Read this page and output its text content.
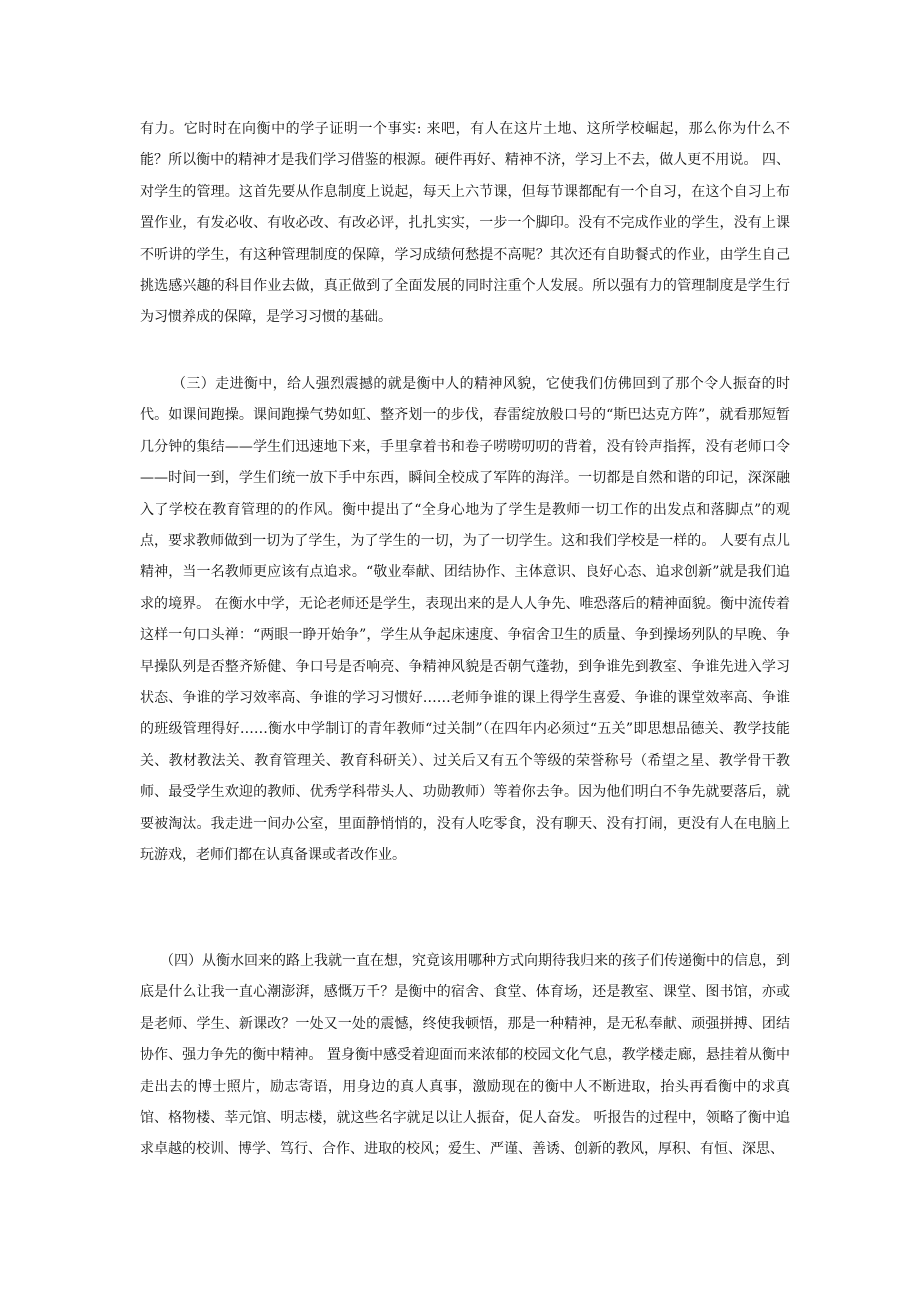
有力。它时时在向衡中的学子证明一个事实: 来吧，有人在这片土地、这所学校崛起，那么你为什么不能？所以衡中的精神才是我们学习借鉴的根源。硬件再好、精神不济，学习上不去，做人更不用说。 四、对学生的管理。这首先要从作息制度上说起，每天上六节课，但每节课都配有一个自习，在这个自习上布置作业，有发必收、有收必改、有改必评，扎扎实实，一步一个脚印。没有不完成作业的学生，没有上课不听讲的学生，有这种管理制度的保障，学习成绩何愁提不高呢？其次还有自助餐式的作业，由学生自己挑选感兴趣的科目作业去做，真正做到了全面发展的同时注重个人发展。所以强有力的管理制度是学生行为习惯养成的保障，是学习习惯的基础。

（三）走进衡中，给人强烈震撼的就是衡中人的精神风貌，它使我们仿佛回到了那个令人振奋的时代。如课间跑操。课间跑操气势如虹、整齐划一的步伐，春雷绽放般口号的“斯巴达克方阵”，就看那短暂几分钟的集结——学生们迅速地下来，手里拿着书和卷子唠唠叨叨的背着，没有铃声指挥，没有老师口令——时间一到，学生们统一放下手中东西，瞬间全校成了军阵的海洋。一切都是自然和谐的印记，深深融入了学校在教育管理的的作风。衡中提出了“全身心地为了学生是教师一切工作的出发点和落脚点”的观点，要求教师做到一切为了学生，为了学生的一切，为了一切学生。这和我们学校是一样的。 人要有点儿精神，当一名教师更应该有点追求。“敬业奉献、团结协作、主体意识、良好心态、追求创新”就是我们追求的境界。 在衡水中学，无论老师还是学生，表现出来的是人人争先、唯恐落后的精神面貌。衡中流传着这样一句口头禅：“两眼一睁开始争”，学生从争起床速度、争宿舍卫生的质量、争到操场列队的早晚、争早操队列是否整齐矫健、争口号是否响亮、争精神风貌是否朝气蓬勃，到争谁先到教室、争谁先进入学习状态、争谁的学习效率高、争谁的学习习惯好……老师争谁的课上得学生喜爱、争谁的课堂效率高、争谁的班级管理得好……衡水中学制订的青年教师“过关制”（在四年内必须过“五关”即思想品德关、教学技能关、教材教法关、教育管理关、教育科研关）、过关后又有五个等级的荣誉称号（希望之星、教学骨干教师、最受学生欢迎的教师、优秀学科带头人、功勋教师）等着你去争。因为他们明白不争先就要落后，就要被淘汰。我走进一间办公室，里面静悄悄的，没有人吃零食，没有聊天、没有打闹，更没有人在电脑上玩游戏，老师们都在认真备课或者改作业。

（四）从衡水回来的路上我就一直在想，究竟该用哪种方式向期待我归来的孩子们传递衡中的信息，到底是什么让我一直心潮澎湃，感慨万千？是衡中的宿舍、食堂、体育场，还是教室、课堂、图书馆，亦或是老师、学生、新课改？一处又一处的震憾，终使我顿悟，那是一种精神，是无私奉献、顽强拼搏、团结协作、强力争先的衡中精神。 置身衡中感受着迎面而来浓郁的校园文化气息，教学楼走廊，悬挂着从衡中走出去的博士照片，励志寄语，用身边的真人真事，激励现在的衡中人不断进取，抬头再看衡中的求真馆、格物楼、莘元馆、明志楼，就这些名字就足以让人振奋，促人奋发。 听报告的过程中，领略了衡中追求卓越的校训、博学、笃行、合作、进取的校风；爱生、严谨、善诱、创新的教风，厚积、有恒、深思、
